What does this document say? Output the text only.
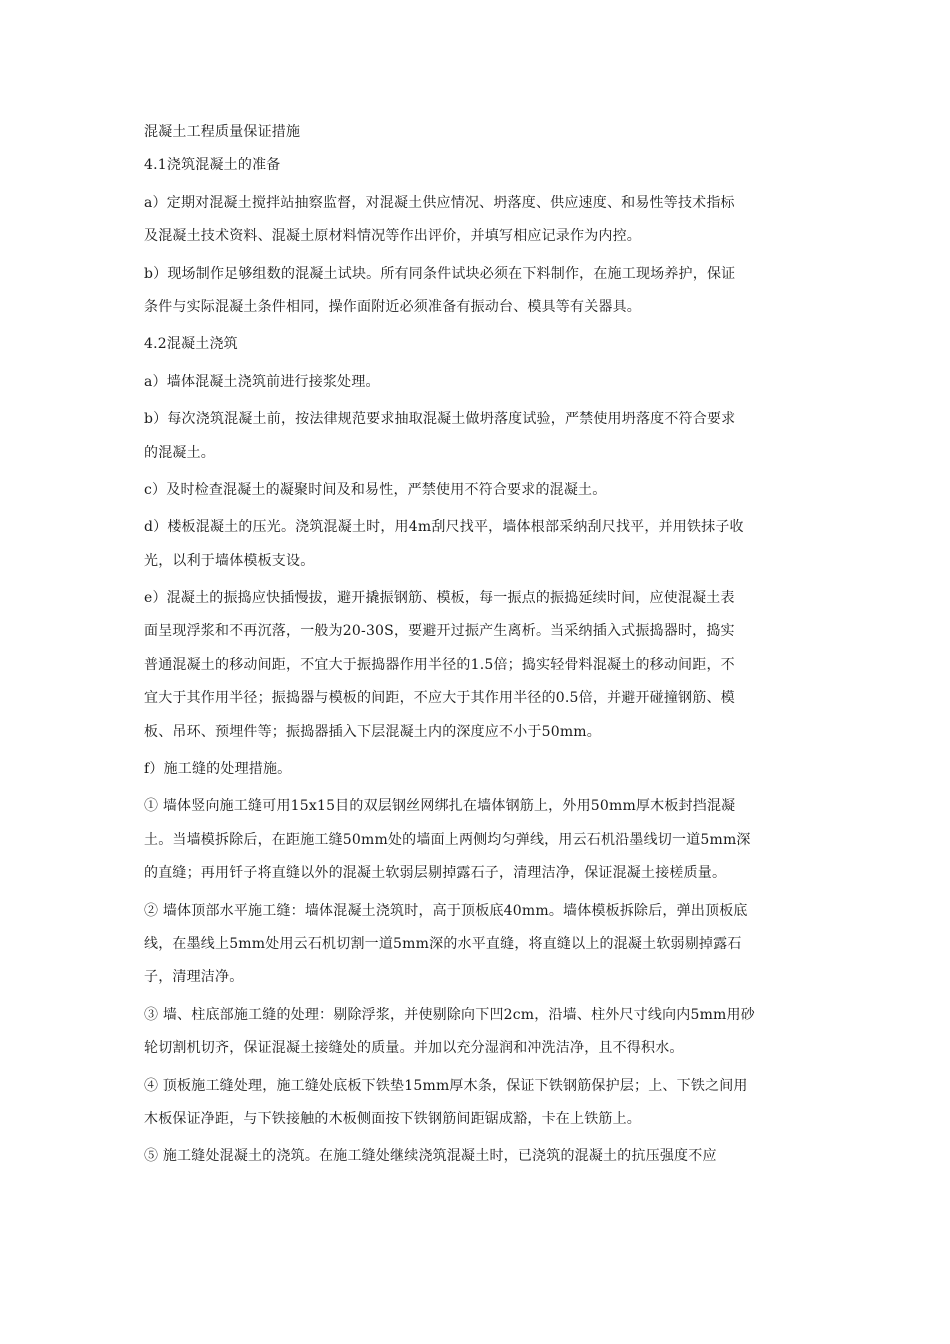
混凝土工程质量保证措施

4.1浇筑混凝土的准备

a）定期对混凝土搅拌站抽察监督，对混凝土供应情况、坍落度、供应速度、和易性等技术指标
及混凝土技术资料、混凝土原材料情况等作出评价，并填写相应记录作为内控。

b）现场制作足够组数的混凝土试块。所有同条件试块必须在下料制作，在施工现场养护，保证
条件与实际混凝土条件相同，操作面附近必须准备有振动台、模具等有关器具。

4.2混凝土浇筑

a）墙体混凝土浇筑前进行接浆处理。

b）每次浇筑混凝土前，按法律规范要求抽取混凝土做坍落度试验，严禁使用坍落度不符合要求
的混凝土。

c）及时检查混凝土的凝聚时间及和易性，严禁使用不符合要求的混凝土。

d）楼板混凝土的压光。浇筑混凝土时，用4m刮尺找平，墙体根部采纳刮尺找平，并用铁抹子收
光，以利于墙体模板支设。

e）混凝土的振捣应快插慢拔，避开撬振钢筋、模板，每一振点的振捣延续时间，应使混凝土表
面呈现浮浆和不再沉落，一般为20-30S，要避开过振产生离析。当采纳插入式振捣器时，捣实
普通混凝土的移动间距，不宜大于振捣器作用半径的1.5倍；捣实轻骨料混凝土的移动间距，不
宜大于其作用半径；振捣器与模板的间距，不应大于其作用半径的0.5倍，并避开碰撞钢筋、模
板、吊环、预埋件等；振捣器插入下层混凝土内的深度应不小于50mm。

f）施工缝的处理措施。

① 墙体竖向施工缝可用15x15目的双层钢丝网绑扎在墙体钢筋上，外用50mm厚木板封挡混凝
土。当墙模拆除后，在距施工缝50mm处的墙面上两侧均匀弹线，用云石机沿墨线切一道5mm深
的直缝；再用钎子将直缝以外的混凝土软弱层剔掉露石子，清理洁净，保证混凝土接槎质量。

② 墙体顶部水平施工缝：墙体混凝土浇筑时，高于顶板底40mm。墙体模板拆除后，弹出顶板底
线，在墨线上5mm处用云石机切割一道5mm深的水平直缝，将直缝以上的混凝土软弱剔掉露石
子，清理洁净。

③ 墙、柱底部施工缝的处理：剔除浮浆，并使剔除向下凹2cm，沿墙、柱外尺寸线向内5mm用砂
轮切割机切齐，保证混凝土接缝处的质量。并加以充分湿润和冲洗洁净，且不得积水。

④ 顶板施工缝处理，施工缝处底板下铁垫15mm厚木条，保证下铁钢筋保护层；上、下铁之间用
木板保证净距，与下铁接触的木板侧面按下铁钢筋间距锯成豁，卡在上铁筋上。

⑤ 施工缝处混凝土的浇筑。在施工缝处继续浇筑混凝土时，已浇筑的混凝土的抗压强度不应
